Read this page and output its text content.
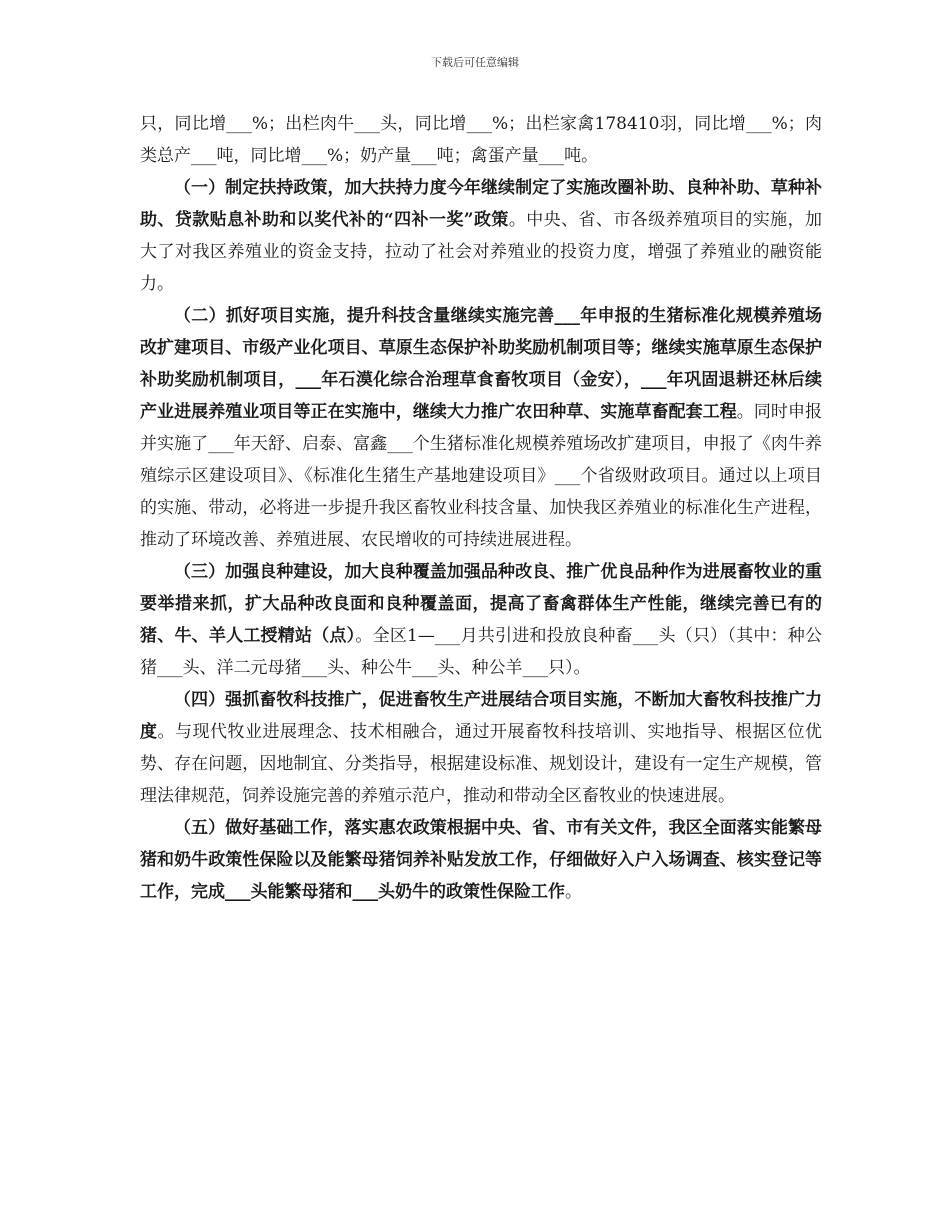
下载后可任意编辑

只，同比增___%；出栏肉牛___头，同比增___%；出栏家禽178410羽，同比增___%；肉类总产___吨，同比增___%；奶产量___吨；禽蛋产量___吨。

（一）制定扶持政策，加大扶持力度今年继续制定了实施改圈补助、良种补助、草种补助、贷款贴息补助和以奖代补的“四补一奖”政策。中央、省、市各级养殖项目的实施，加大了对我区养殖业的资金支持，拉动了社会对养殖业的投资力度，增强了养殖业的融资能力。

（二）抓好项目实施，提升科技含量继续实施完善___年申报的生猪标准化规模养殖场改扩建项目、市级产业化项目、草原生态保护补助奖励机制项目等；继续实施草原生态保护补助奖励机制项目，___年石漠化综合治理草食畜牧项目（金安），___年巩固退耕还林后续产业进展养殖业项目等正在实施中，继续大力推广农田种草、实施草畜配套工程。同时申报并实施了___年天舒、启泰、富鑫___个生猪标准化规模养殖场改扩建项目，申报了《肉牛养殖综示区建设项目》、《标准化生猪生产基地建设项目》___个省级财政项目。通过以上项目的实施、带动，必将进一步提升我区畜牧业科技含量、加快我区养殖业的标准化生产进程，推动了环境改善、养殖进展、农民增收的可持续进展进程。

（三）加强良种建设，加大良种覆盖加强品种改良、推广优良品种作为进展畜牧业的重要举措来抓，扩大品种改良面和良种覆盖面，提高了畜禽群体生产性能，继续完善已有的猪、牛、羊人工授精站（点）。全区1—___月共引进和投放良种畜___头（只）（其中：种公猪___头、洋二元母猪___头、种公牛___头、种公羊___只）。

（四）强抓畜牧科技推广，促进畜牧生产进展结合项目实施，不断加大畜牧科技推广力度。与现代牧业进展理念、技术相融合，通过开展畜牧科技培训、实地指导、根据区位优势、存在问题，因地制宜、分类指导，根据建设标准、规划设计，建设有一定生产规模，管理法律规范，饲养设施完善的养殖示范户，推动和带动全区畜牧业的快速进展。

（五）做好基础工作，落实惠农政策根据中央、省、市有关文件，我区全面落实能繁母猪和奶牛政策性保险以及能繁母猪饲养补贴发放工作，仔细做好入户入场调查、核实登记等工作，完成___头能繁母猪和___头奶牛的政策性保险工作。
